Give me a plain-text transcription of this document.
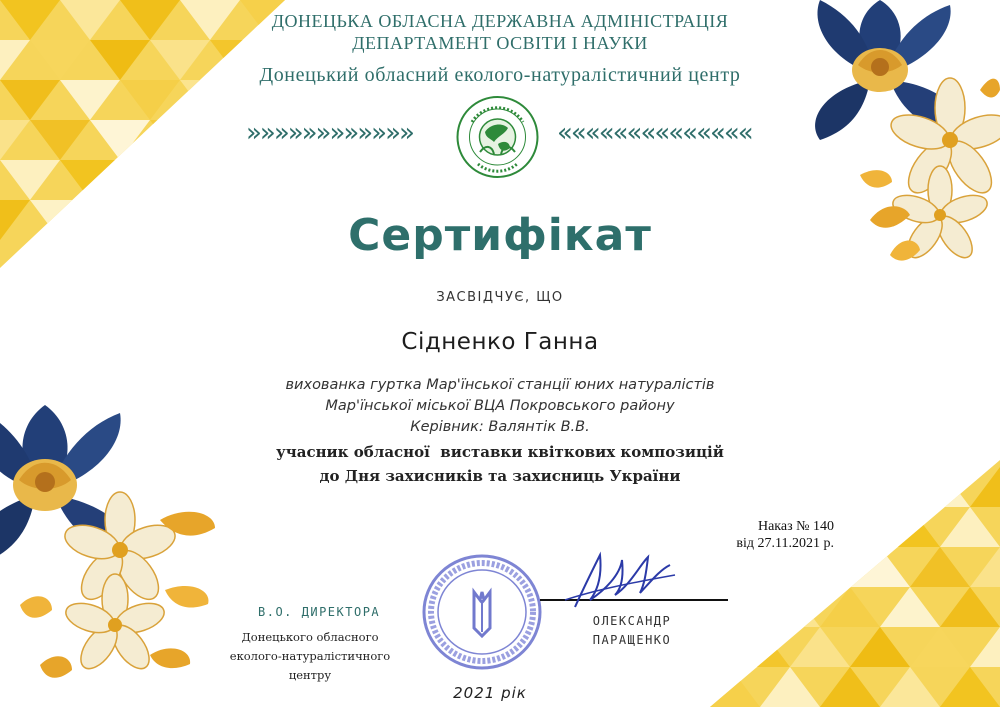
ДОНЕЦЬКА ОБЛАСНА ДЕРЖАВНА АДМІНІСТРАЦІЯ
ДЕПАРТАМЕНТ ОСВІТИ І НАУКИ
Донецький обласний еколого-натуралістичний центр
»»»»»»»»»»»»	««««««««««««««
Сертифікат
ЗАСВІДЧУЄ, ЩО
Сідненко Ганна
вихованка гуртка Мар'їнської станції юних натуралістів
Мар'їнської міської ВЦА Покровського району
Керівник: Валянтік В.В.
учасник обласної  виставки квіткових композицій
до Дня захисників та захисниць України
Наказ № 140
від 27.11.2021 р.
В.О. ДИРЕКТОРА
Донецького обласного
еколого-натуралістичного
центру
ОЛЕКСАНДР
ПАРАЩЕНКО
2021 рік
